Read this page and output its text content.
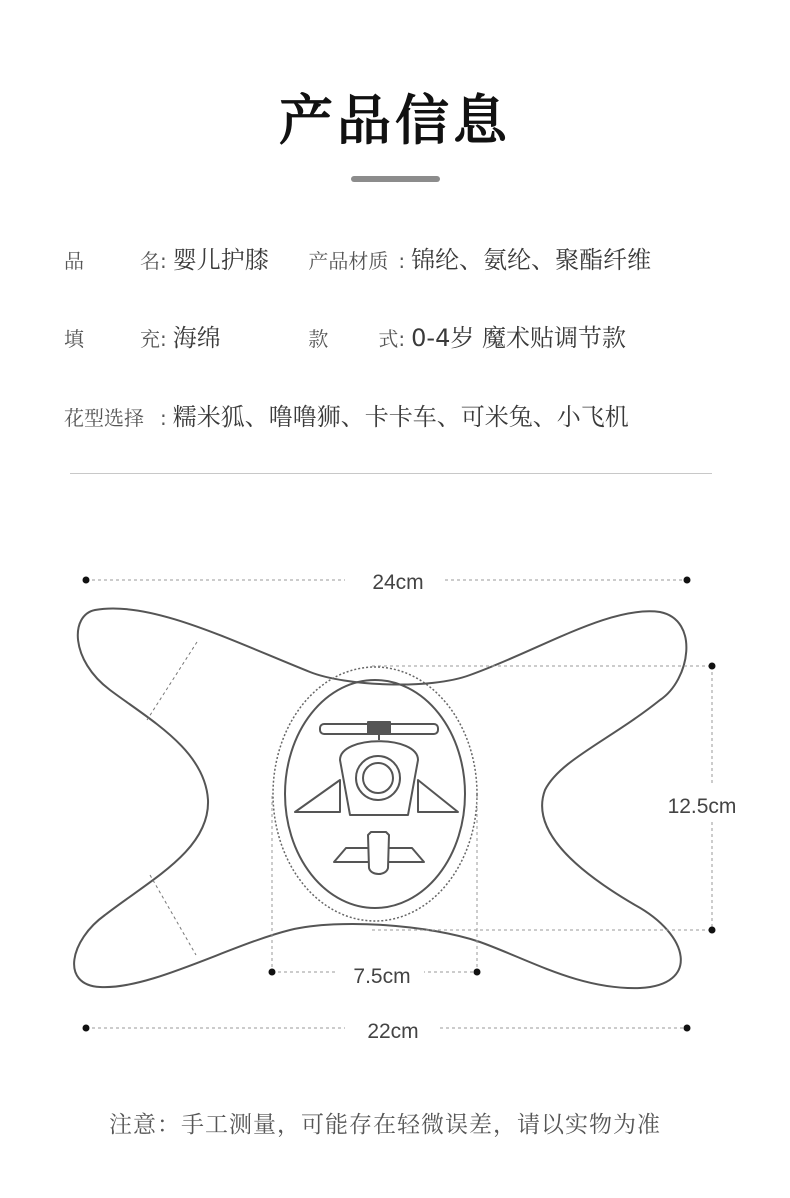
产品信息
品	名 : 婴儿护膝 产品材质 : 锦纶、氨纶、聚酯纤维
填	充 : 海绵	款	式 : 0-4岁 魔术贴调节款
花型选择 : 糯米狐、噜噜狮、卡卡车、可米兔、小飞机
24cm
12.5cm
7.5cm
22cm
注意：手工测量，可能存在轻微误差，请以实物为准
